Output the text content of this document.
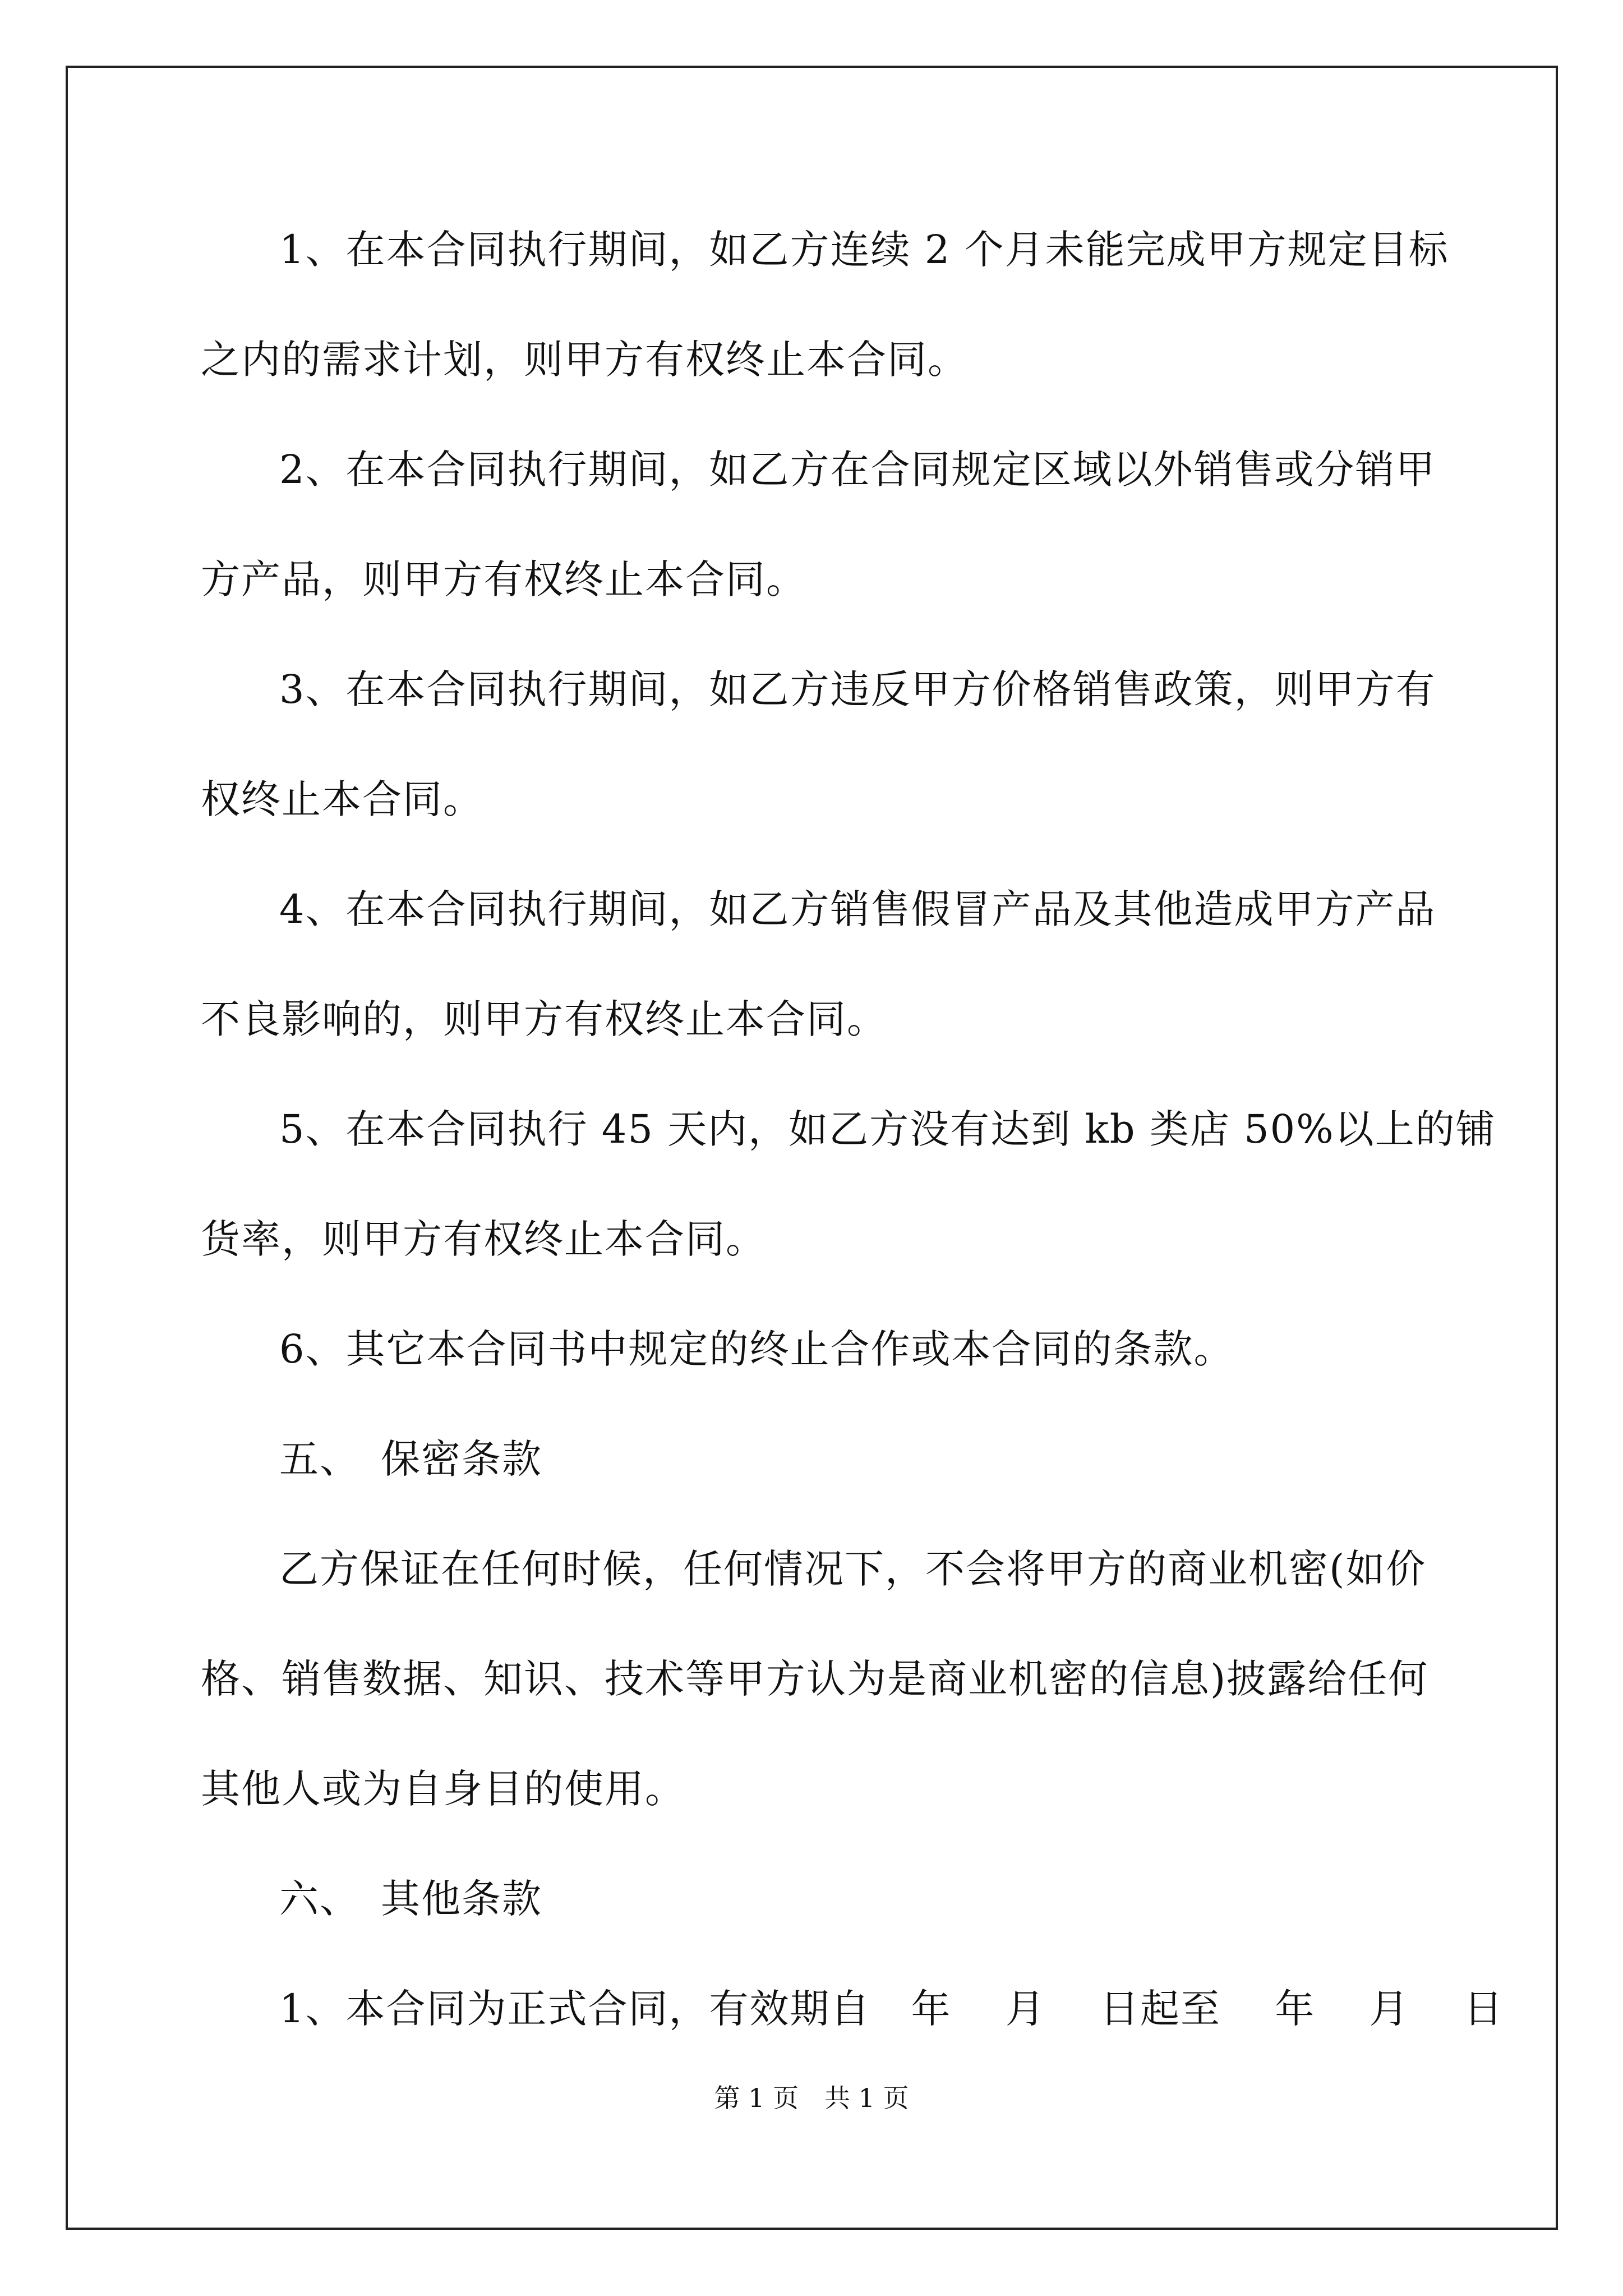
1、在本合同执行期间，如乙方连续 2 个月未能完成甲方规定目标
之内的需求计划，则甲方有权终止本合同。
2、在本合同执行期间，如乙方在合同规定区域以外销售或分销甲
方产品，则甲方有权终止本合同。
3、在本合同执行期间，如乙方违反甲方价格销售政策，则甲方有
权终止本合同。
4、在本合同执行期间，如乙方销售假冒产品及其他造成甲方产品
不良影响的，则甲方有权终止本合同。
5、在本合同执行 45 天内，如乙方没有达到 kb 类店 50%以上的铺
货率，则甲方有权终止本合同。
6、其它本合同书中规定的终止合作或本合同的条款。
五、　保密条款
乙方保证在任何时候，任何情况下，不会将甲方的商业机密(如价
格、销售数据、知识、技术等甲方认为是商业机密的信息)披露给任何
其他人或为自身目的使用。
六、　其他条款
1、本合同为正式合同，有效期自　年　 月　 日起至　 年　 月　 日
第 1 页　共 1 页
